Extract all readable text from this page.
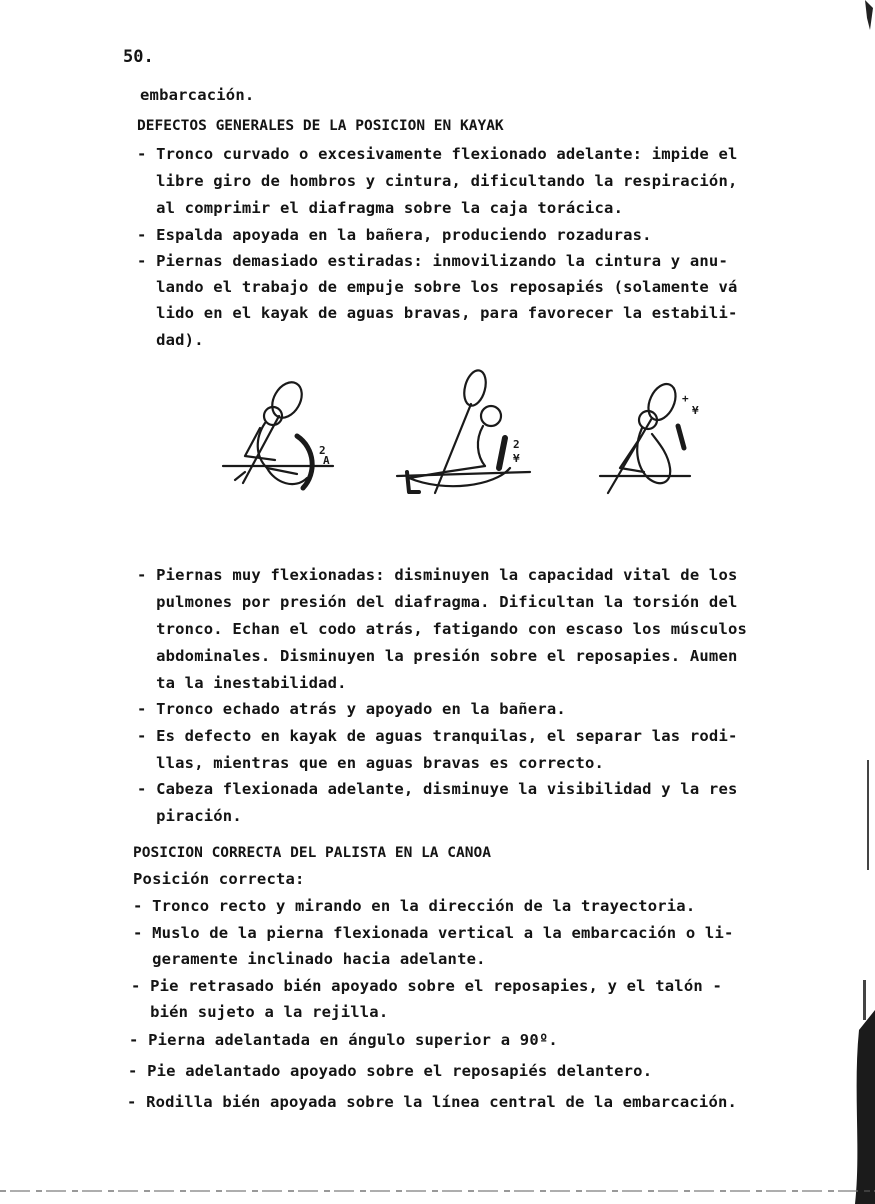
50.
embarcación.
DEFECTOS GENERALES DE LA POSICION EN KAYAK
- Tronco curvado o excesivamente flexionado adelante: impide el
libre giro de hombros y cintura, dificultando la respiración,
al comprimir el diafragma sobre la caja torácica.
- Espalda apoyada en la bañera, produciendo rozaduras.
- Piernas demasiado estiradas: inmovilizando la cintura y anu-
lando el trabajo de empuje sobre los reposapiés (solamente vá
lido en el kayak de aguas bravas, para favorecer la estabili-
dad).
- Piernas muy flexionadas: disminuyen la capacidad vital de los
pulmones por presión del diafragma. Dificultan la torsión del
tronco. Echan el codo atrás, fatigando con escaso los músculos
abdominales. Disminuyen la presión sobre el reposapies. Aumen
ta la inestabilidad.
- Tronco echado atrás y apoyado en la bañera.
- Es defecto en kayak de aguas tranquilas, el separar las rodi-
llas, mientras que en aguas bravas es correcto.
- Cabeza flexionada adelante, disminuye la visibilidad y la res
piración.
POSICION CORRECTA DEL PALISTA EN LA CANOA
Posición correcta:
- Tronco recto y mirando en la dirección de la trayectoria.
- Muslo de la pierna flexionada vertical a la embarcación o li-
geramente inclinado hacia adelante.
- Pie retrasado bién apoyado sobre el reposapies, y el talón -
bién sujeto a la rejilla.
- Pierna adelantada en ángulo superior a 90º.
- Pie adelantado apoyado sobre el reposapiés delantero.
- Rodilla bién apoyada sobre la línea central de la embarcación.
2
A
2
¥
+
¥
